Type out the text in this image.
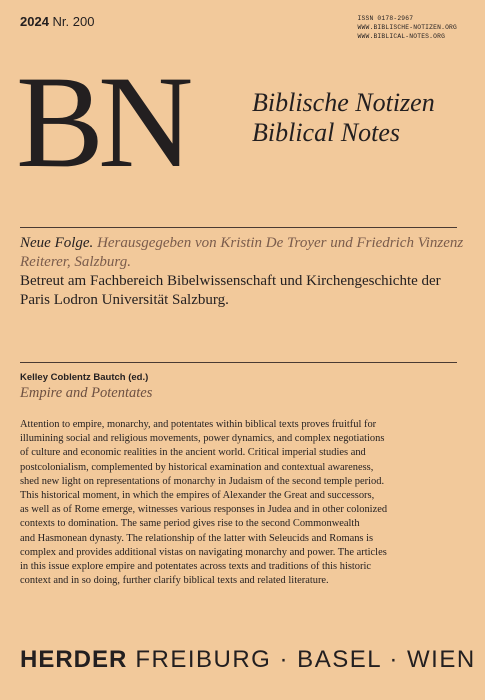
2024 Nr. 200	ISSN 0178-2967
WWW.BIBLISCHE-NOTIZEN.ORG
WWW.BIBLICAL-NOTES.ORG
BN Biblische Notizen
Biblical Notes
Neue Folge. Herausgegeben von Kristin De Troyer und Friedrich Vinzenz Reiterer, Salzburg.
Betreut am Fachbereich Bibelwissenschaft und Kirchengeschichte der Paris Lodron Universität Salzburg.
Kelley Coblentz Bautch (ed.)
Empire and Potentates
Attention to empire, monarchy, and potentates within biblical texts proves fruitful for
illumining social and religious movements, power dynamics, and complex negotiations
of culture and economic realities in the ancient world. Critical imperial studies and
postcolonialism, complemented by historical examination and contextual awareness,
shed new light on representations of monarchy in Judaism of the second temple period.
This historical moment, in which the empires of Alexander the Great and successors,
as well as of Rome emerge, witnesses various responses in Judea and in other colonized
contexts to domination. The same period gives rise to the second Commonwealth
and Hasmonean dynasty. The relationship of the latter with Seleucids and Romans is
complex and provides additional vistas on navigating monarchy and power. The articles
in this issue explore empire and potentates across texts and traditions of this historic
context and in so doing, further clarify biblical texts and related literature.
HERDER FREIBURG · BASEL · WIEN
